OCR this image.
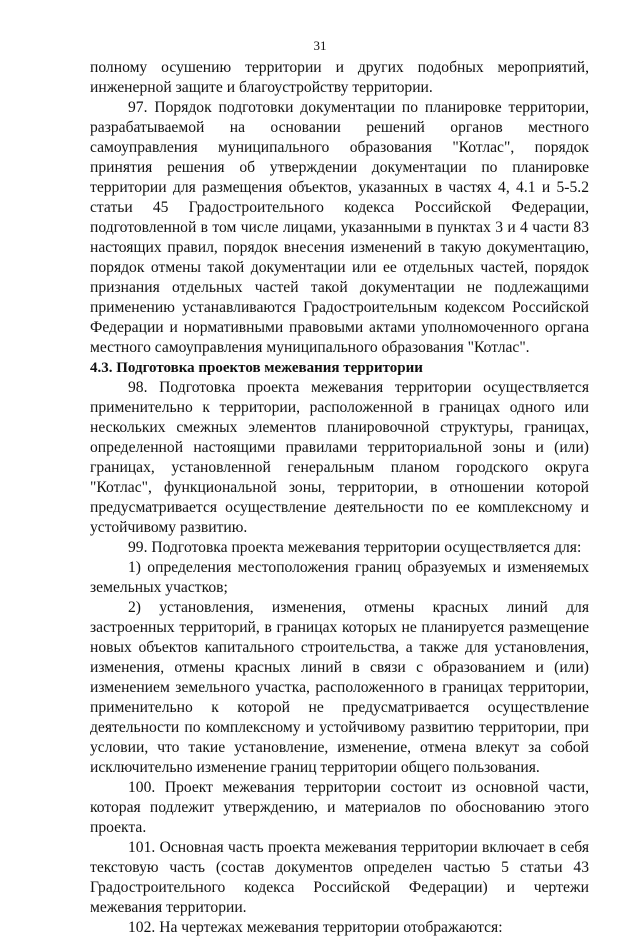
31

полному осушению территории и других подобных мероприятий, инженерной защите и благоустройству территории.

97. Порядок подготовки документации по планировке территории, разрабатываемой на основании решений органов местного самоуправления муниципального образования "Котлас", порядок принятия решения об утверждении документации по планировке территории для размещения объектов, указанных в частях 4, 4.1 и 5-5.2 статьи 45 Градостроительного кодекса Российской Федерации, подготовленной в том числе лицами, указанными в пунктах 3 и 4 части 83 настоящих правил, порядок внесения изменений в такую документацию, порядок отмены такой документации или ее отдельных частей, порядок признания отдельных частей такой документации не подлежащими применению устанавливаются Градостроительным кодексом Российской Федерации и нормативными правовыми актами уполномоченного органа местного самоуправления муниципального образования "Котлас".

4.3. Подготовка проектов межевания территории

98. Подготовка проекта межевания территории осуществляется применительно к территории, расположенной в границах одного или нескольких смежных элементов планировочной структуры, границах, определенной настоящими правилами территориальной зоны и (или) границах, установленной генеральным планом городского округа "Котлас", функциональной зоны, территории, в отношении которой предусматривается осуществление деятельности по ее комплексному и устойчивому развитию.

99. Подготовка проекта межевания территории осуществляется для:

1) определения местоположения границ образуемых и изменяемых земельных участков;

2) установления, изменения, отмены красных линий для застроенных территорий, в границах которых не планируется размещение новых объектов капитального строительства, а также для установления, изменения, отмены красных линий в связи с образованием и (или) изменением земельного участка, расположенного в границах территории, применительно к которой не предусматривается осуществление деятельности по комплексному и устойчивому развитию территории, при условии, что такие установление, изменение, отмена влекут за собой исключительно изменение границ территории общего пользования.

100. Проект межевания территории состоит из основной части, которая подлежит утверждению, и материалов по обоснованию этого проекта.

101. Основная часть проекта межевания территории включает в себя текстовую часть (состав документов определен частью 5 статьи 43 Градостроительного кодекса Российской Федерации) и чертежи межевания территории.

102. На чертежах межевания территории отображаются:
